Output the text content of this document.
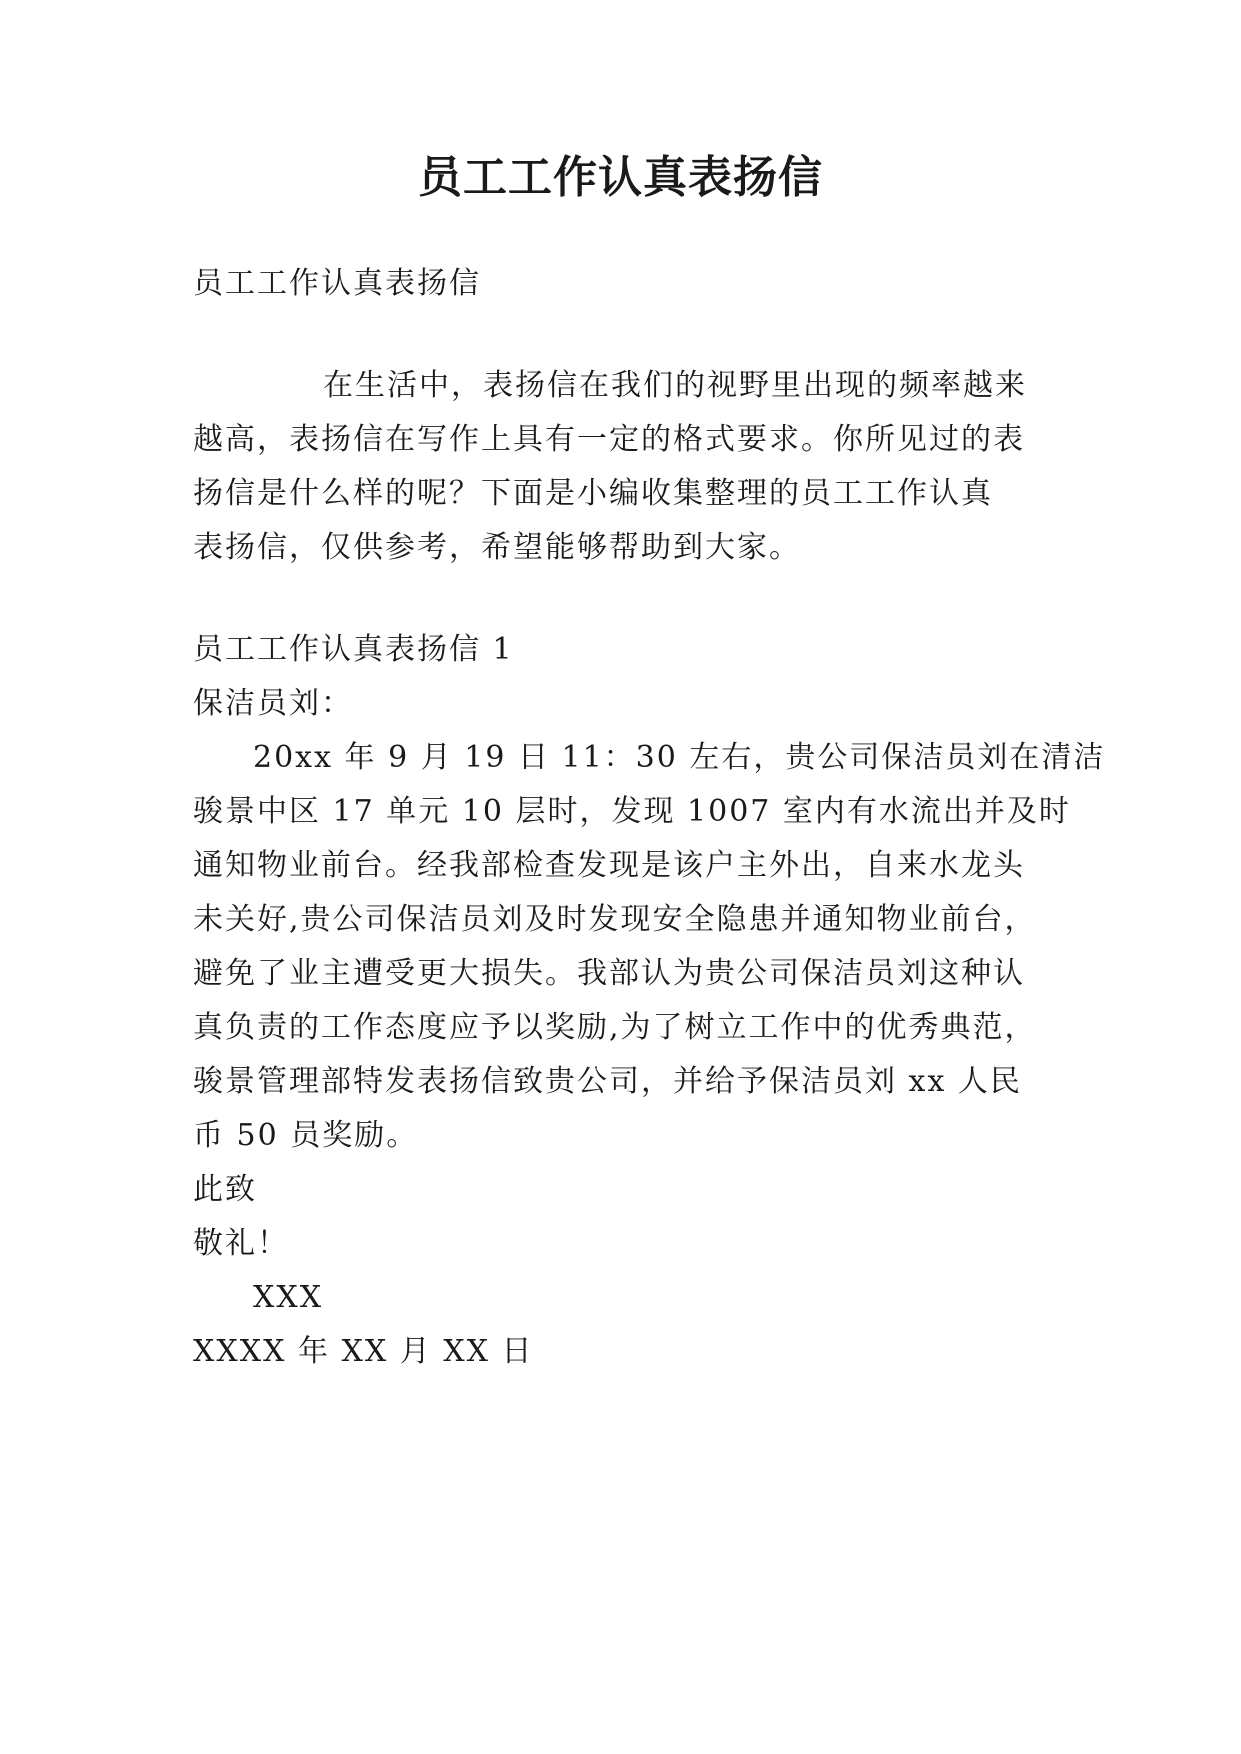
员工工作认真表扬信
员工工作认真表扬信
在生活中，表扬信在我们的视野里出现的频率越来
越高，表扬信在写作上具有一定的格式要求。你所见过的表
扬信是什么样的呢？下面是小编收集整理的员工工作认真
表扬信，仅供参考，希望能够帮助到大家。
员工工作认真表扬信 1
保洁员刘：
20xx 年 9 月 19 日 11：30 左右，贵公司保洁员刘在清洁
骏景中区 17 单元 10 层时，发现 1007 室内有水流出并及时
通知物业前台。经我部检查发现是该户主外出，自来水龙头
未关好,贵公司保洁员刘及时发现安全隐患并通知物业前台，
避免了业主遭受更大损失。我部认为贵公司保洁员刘这种认
真负责的工作态度应予以奖励,为了树立工作中的优秀典范，
骏景管理部特发表扬信致贵公司，并给予保洁员刘 xx 人民
币 50 员奖励。
此致
敬礼！
XXX
XXXX 年 XX 月 XX 日
